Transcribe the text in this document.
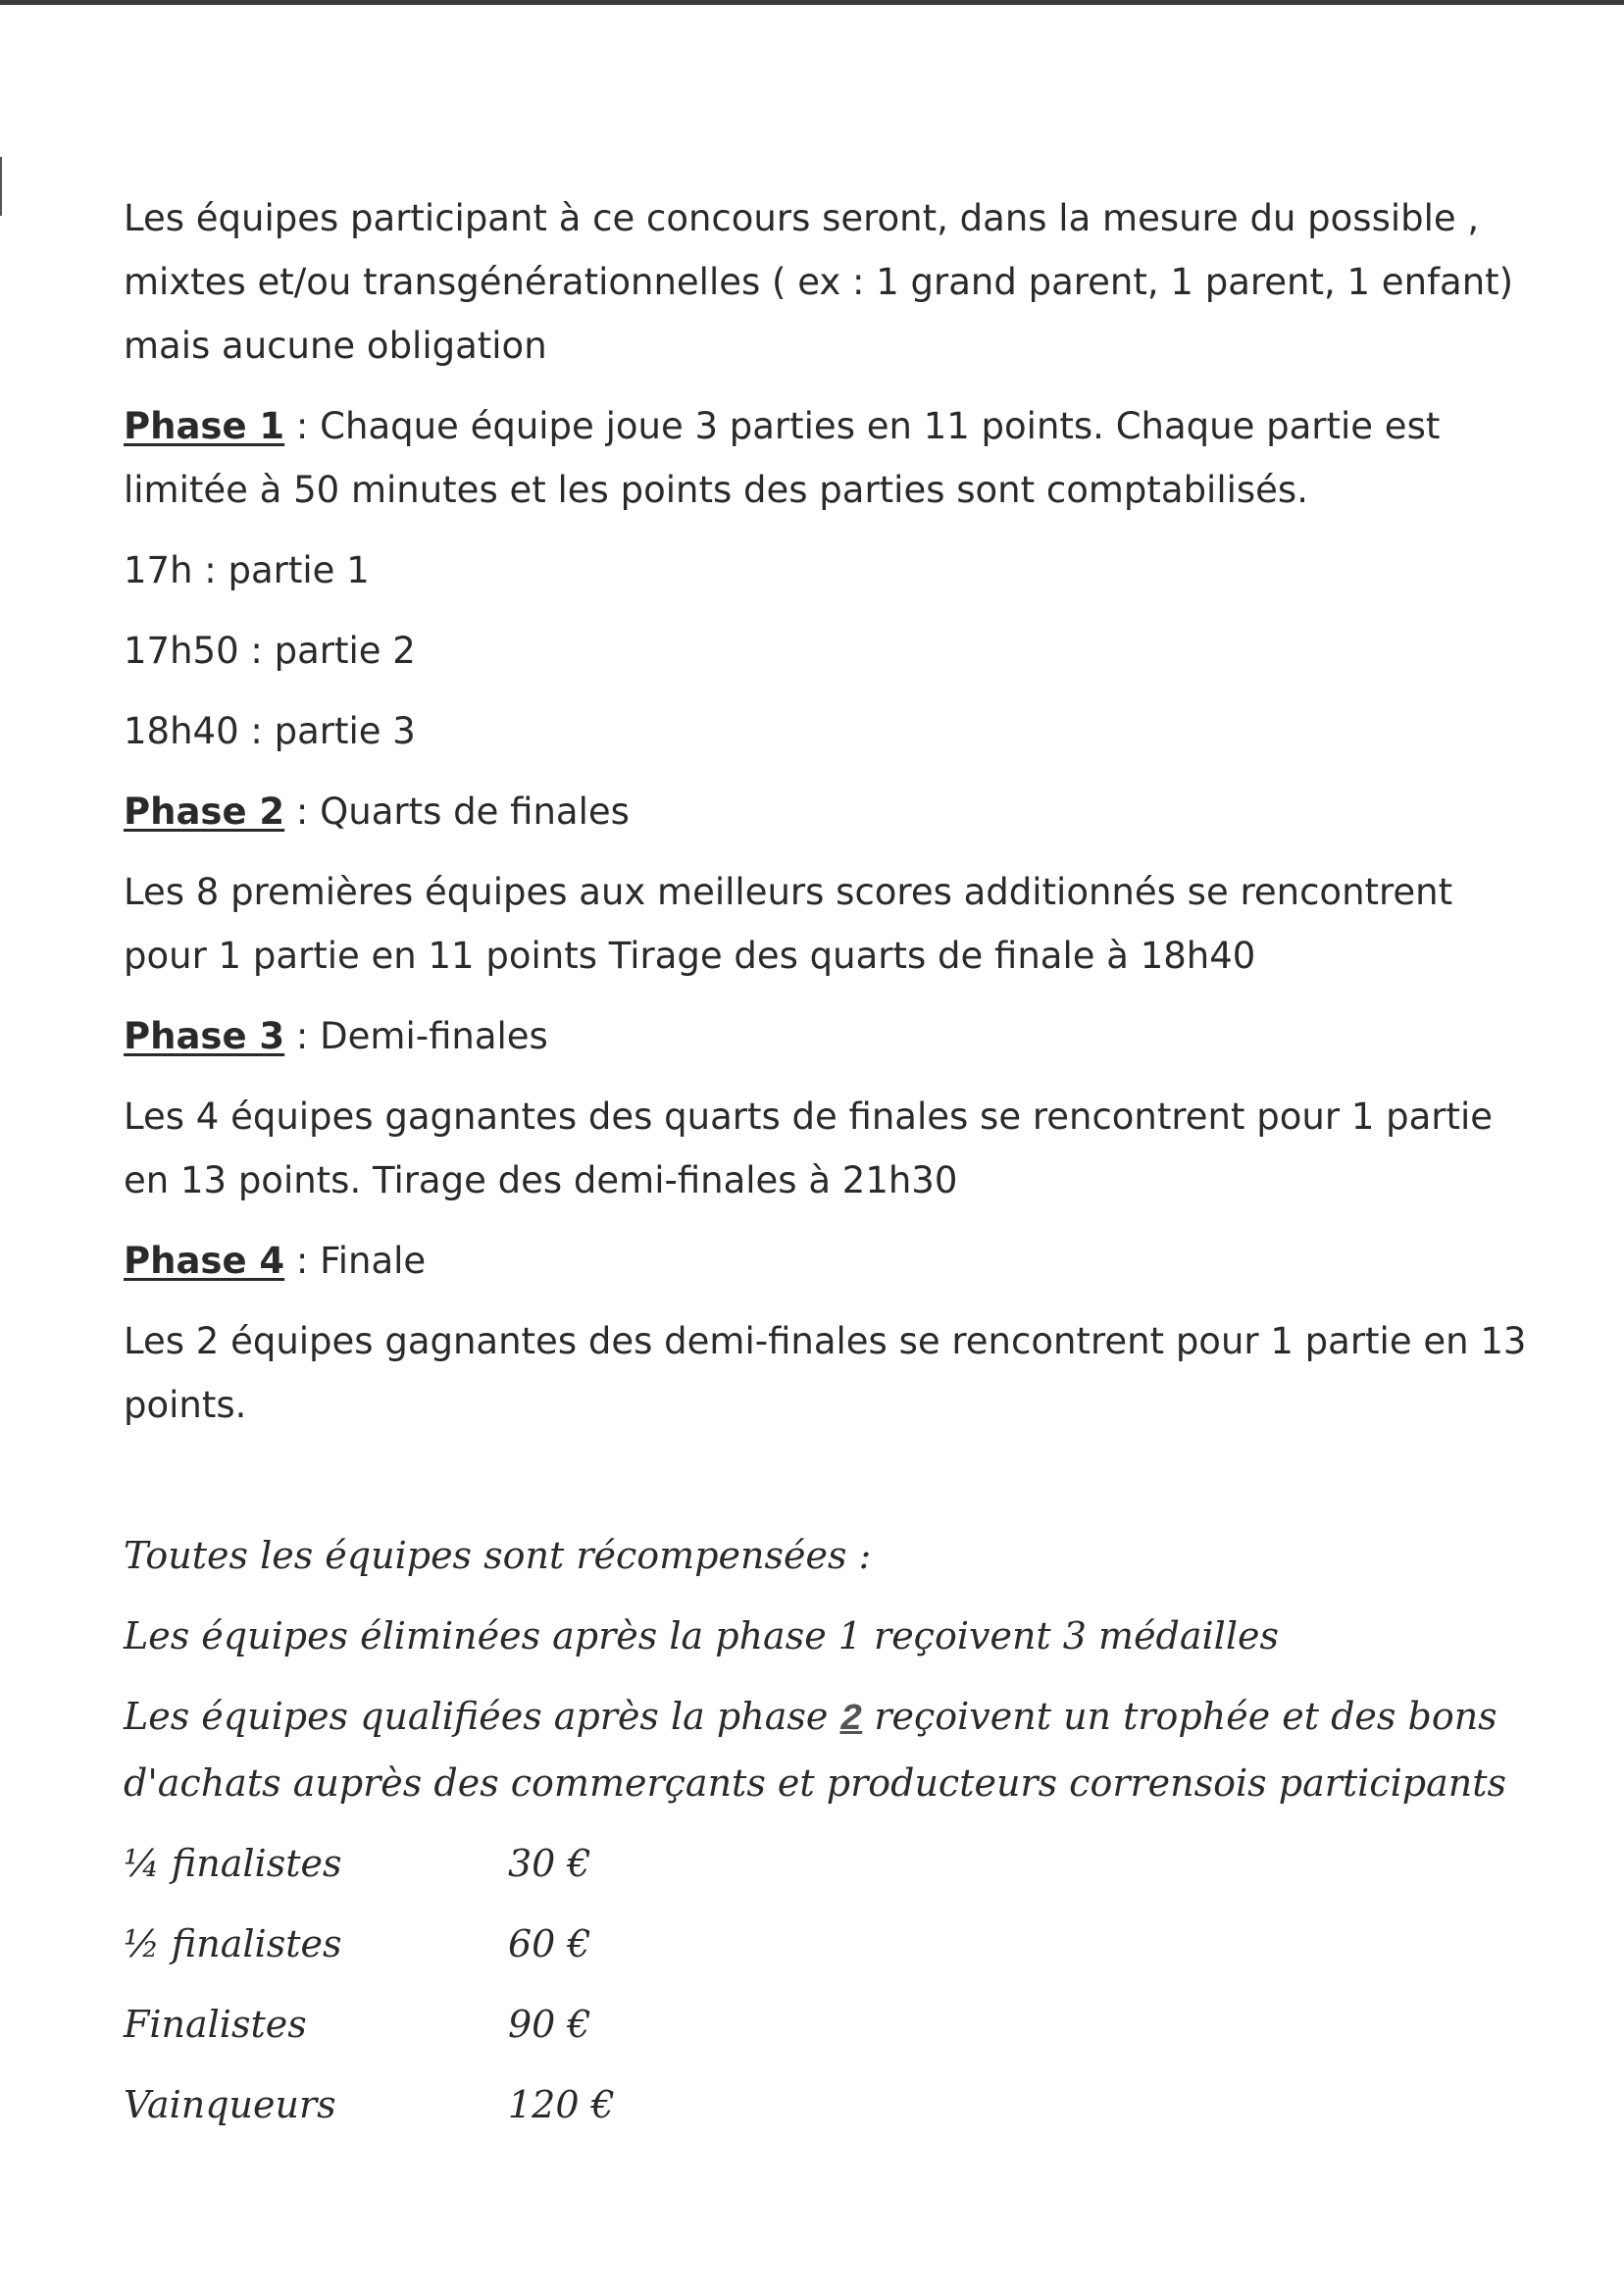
Les équipes participant à ce concours seront, dans la mesure du possible , mixtes et/ou transgénérationnelles ( ex : 1 grand parent, 1 parent, 1 enfant) mais aucune obligation

Phase 1 : Chaque équipe joue 3 parties en 11 points. Chaque partie est limitée à 50 minutes et les points des parties sont comptabilisés.

17h : partie 1

17h50 : partie 2

18h40 : partie 3

Phase 2 : Quarts de finales

Les 8 premières équipes aux meilleurs scores additionnés se rencontrent pour 1 partie en 11 points Tirage des quarts de finale à 18h40

Phase 3 : Demi-finales

Les 4 équipes gagnantes des quarts de finales se rencontrent pour 1 partie en 13 points. Tirage des demi-finales à 21h30

Phase 4 : Finale

Les 2 équipes gagnantes des demi-finales se rencontrent pour 1 partie en 13 points.

Toutes les équipes sont récompensées :

Les équipes éliminées après la phase 1 reçoivent 3 médailles

Les équipes qualifiées après la phase 2 reçoivent un trophée et des bons d'achats auprès des commerçants et producteurs corrensois participants

¼ finalistes	30 €
½ finalistes	60 €
Finalistes	90 €
Vainqueurs	120 €
